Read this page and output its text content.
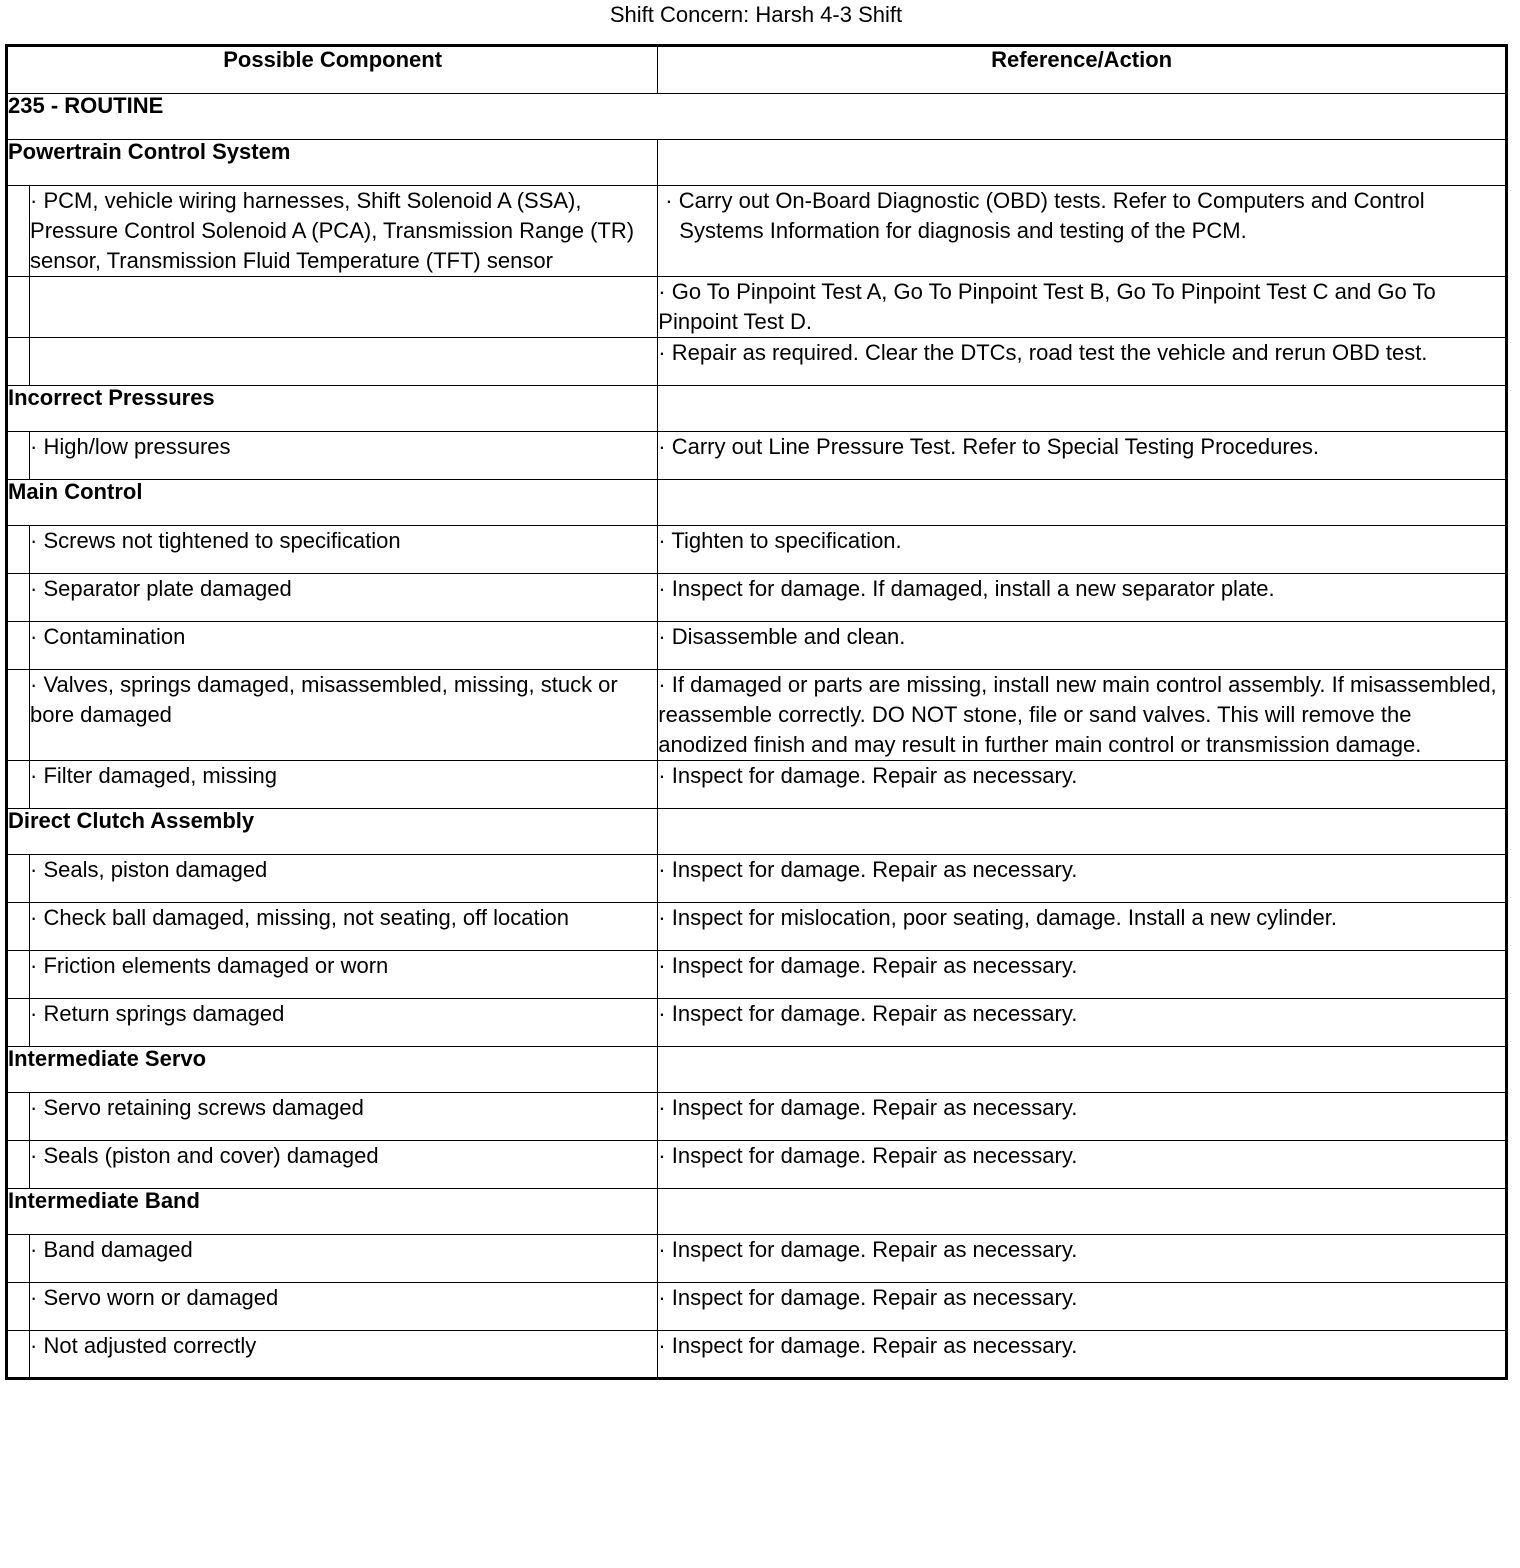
Shift Concern: Harsh 4-3 Shift
Possible Component		Reference/Action
235 - ROUTINE		
Powertrain Control System		
	· PCM, vehicle wiring harnesses, Shift Solenoid A (SSA), Pressure Control Solenoid A (PCA), Transmission Range (TR) sensor, Transmission Fluid Temperature (TFT) sensor	· Carry out On-Board Diagnostic (OBD) tests. Refer to Computers and Control Systems Information for diagnosis and testing of the PCM.
		· Go To Pinpoint Test A, Go To Pinpoint Test B, Go To Pinpoint Test C and Go To Pinpoint Test D.
		· Repair as required. Clear the DTCs, road test the vehicle and rerun OBD test.
Incorrect Pressures		
	· High/low pressures	· Carry out Line Pressure Test. Refer to Special Testing Procedures.
Main Control		
	· Screws not tightened to specification	· Tighten to specification.
	· Separator plate damaged	· Inspect for damage. If damaged, install a new separator plate.
	· Contamination	· Disassemble and clean.
	· Valves, springs damaged, misassembled, missing, stuck or bore damaged	· If damaged or parts are missing, install new main control assembly. If misassembled, reassemble correctly. DO NOT stone, file or sand valves. This will remove the anodized finish and may result in further main control or transmission damage.
	· Filter damaged, missing	· Inspect for damage. Repair as necessary.
Direct Clutch Assembly		
	· Seals, piston damaged	· Inspect for damage. Repair as necessary.
	· Check ball damaged, missing, not seating, off location	· Inspect for mislocation, poor seating, damage. Install a new cylinder.
	· Friction elements damaged or worn	· Inspect for damage. Repair as necessary.
	· Return springs damaged	· Inspect for damage. Repair as necessary.
Intermediate Servo		
	· Servo retaining screws damaged	· Inspect for damage. Repair as necessary.
	· Seals (piston and cover) damaged	· Inspect for damage. Repair as necessary.
Intermediate Band		
	· Band damaged	· Inspect for damage. Repair as necessary.
	· Servo worn or damaged	· Inspect for damage. Repair as necessary.
	· Not adjusted correctly	· Inspect for damage. Repair as necessary.
